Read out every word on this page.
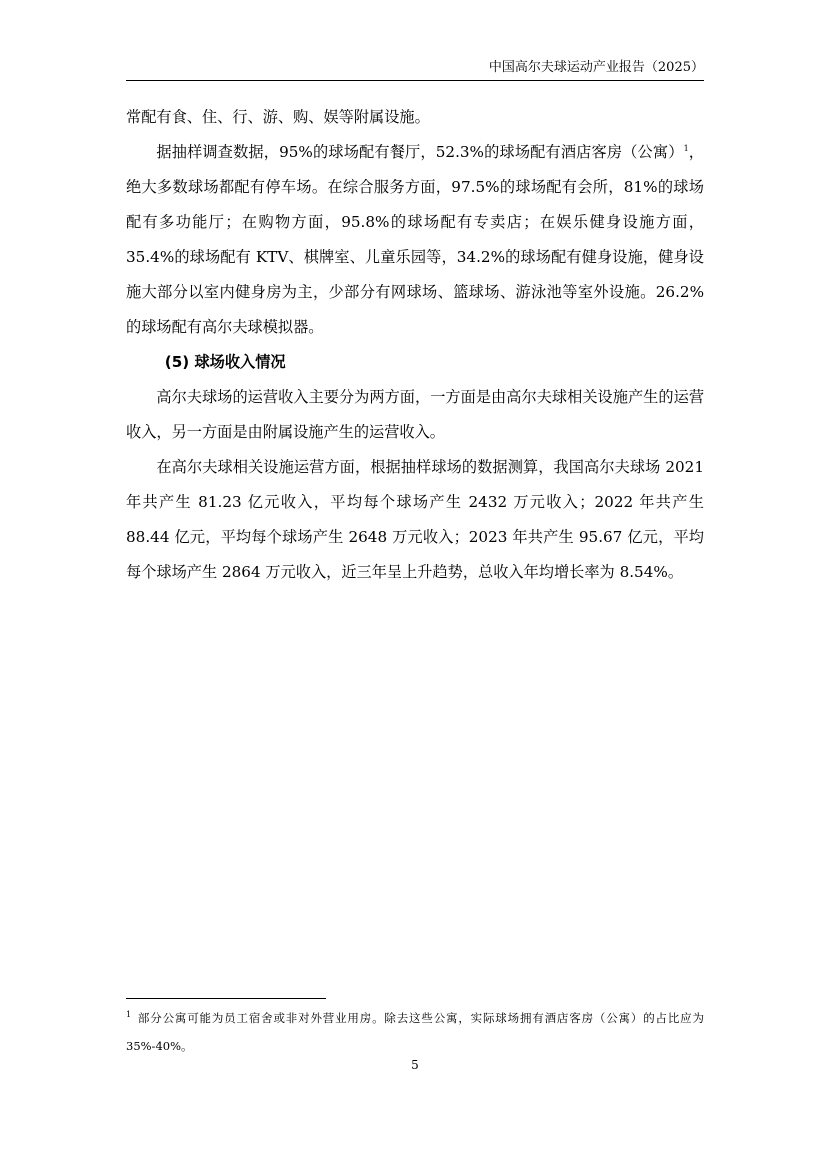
中国高尔夫球运动产业报告（2025）

常配有食、住、行、游、购、娱等附属设施。

据抽样调查数据，95%的球场配有餐厅，52.3%的球场配有酒店客房（公寓）$^1$，绝大多数球场都配有停车场。在综合服务方面，97.5%的球场配有会所，81%的球场配有多功能厅；在购物方面，95.8%的球场配有专卖店；在娱乐健身设施方面，35.4%的球场配有 KTV、棋牌室、儿童乐园等，34.2%的球场配有健身设施，健身设施大部分以室内健身房为主，少部分有网球场、篮球场、游泳池等室外设施。26.2%的球场配有高尔夫球模拟器。

(5) 球场收入情况

高尔夫球场的运营收入主要分为两方面，一方面是由高尔夫球相关设施产生的运营收入，另一方面是由附属设施产生的运营收入。

在高尔夫球相关设施运营方面，根据抽样球场的数据测算，我国高尔夫球场 2021 年共产生 81.23 亿元收入，平均每个球场产生 2432 万元收入；2022 年共产生 88.44 亿元，平均每个球场产生 2648 万元收入；2023 年共产生 95.67 亿元，平均每个球场产生 2864 万元收入，近三年呈上升趋势，总收入年均增长率为 8.54%。

$^1$ 部分公寓可能为员工宿舍或非对外营业用房。除去这些公寓，实际球场拥有酒店客房（公寓）的占比应为 35%-40%。
5
